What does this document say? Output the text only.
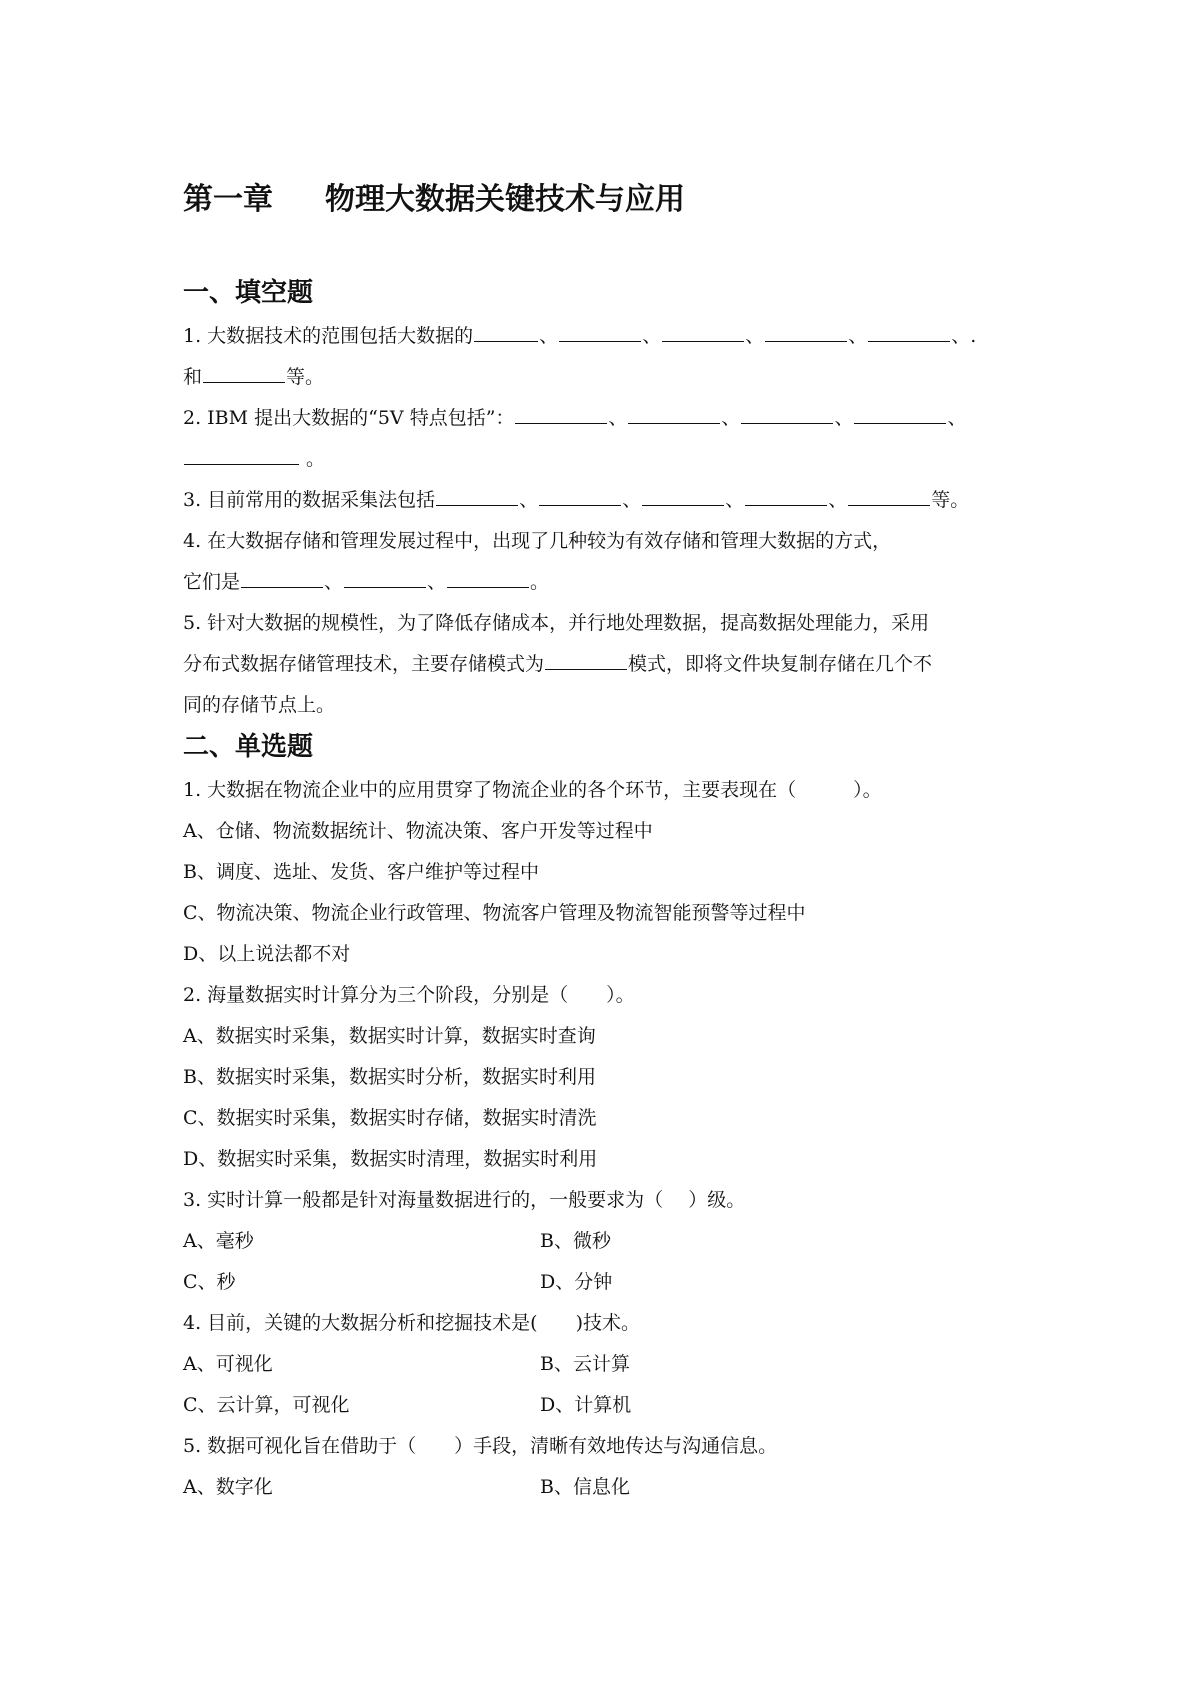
第一章 物理大数据关键技术与应用
一、填空题
1. 大数据技术的范围包括大数据的	、	、	、	、	、.
和	等。
2. IBM 提出大数据的“5V 特点包括”：	、	、	、	、
。
3. 目前常用的数据采集法包括	、	、	、	、	等。
4. 在大数据存储和管理发展过程中，出现了几种较为有效存储和管理大数据的方式，
它们是	、	、	。
5. 针对大数据的规模性，为了降低存储成本，并行地处理数据，提高数据处理能力，采用
分布式数据存储管理技术，主要存储模式为	模式，即将文件块复制存储在几个不
同的存储节点上。
二、单选题
1. 大数据在物流企业中的应用贯穿了物流企业的各个环节，主要表现在（　　　）。
A、仓储、物流数据统计、物流决策、客户开发等过程中
B、调度、选址、发货、客户维护等过程中
C、物流决策、物流企业行政管理、物流客户管理及物流智能预警等过程中
D、以上说法都不对
2. 海量数据实时计算分为三个阶段，分别是（　　）。
A、数据实时采集，数据实时计算，数据实时查询
B、数据实时采集，数据实时分析，数据实时利用
C、数据实时采集，数据实时存储，数据实时清洗
D、数据实时采集，数据实时清理，数据实时利用
3. 实时计算一般都是针对海量数据进行的，一般要求为（　 ）级。
A、毫秒	B、微秒
C、秒	D、分钟
4. 目前，关键的大数据分析和挖掘技术是(　　)技术。
A、可视化	B、云计算
C、云计算，可视化	D、计算机
5. 数据可视化旨在借助于（　　）手段，清晰有效地传达与沟通信息。
A、数字化	B、信息化
